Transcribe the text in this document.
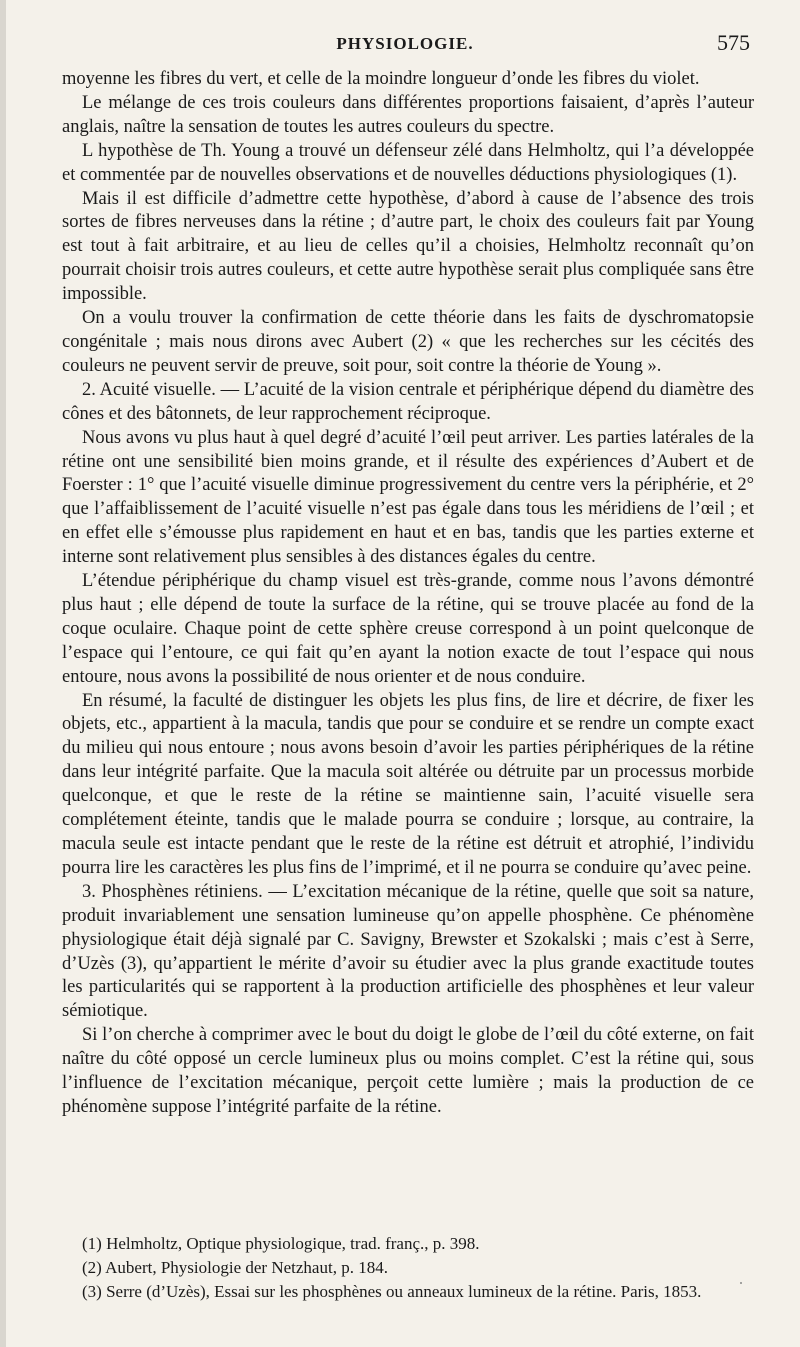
PHYSIOLOGIE.	575

moyenne les fibres du vert, et celle de la moindre longueur d’onde les fibres du violet.

Le mélange de ces trois couleurs dans différentes proportions faisaient, d’après l’auteur anglais, naître la sensation de toutes les autres couleurs du spectre.

L hypothèse de Th. Young a trouvé un défenseur zélé dans Helmholtz, qui l’a développée et commentée par de nouvelles observations et de nouvelles déductions physiologiques (1).

Mais il est difficile d’admettre cette hypothèse, d’abord à cause de l’absence des trois sortes de fibres nerveuses dans la rétine ; d’autre part, le choix des couleurs fait par Young est tout à fait arbitraire, et au lieu de celles qu’il a choisies, Helmholtz reconnaît qu’on pourrait choisir trois autres couleurs, et cette autre hypothèse serait plus compliquée sans être impossible.

On a voulu trouver la confirmation de cette théorie dans les faits de dyschromatopsie congénitale ; mais nous dirons avec Aubert (2) « que les recherches sur les cécités des couleurs ne peuvent servir de preuve, soit pour, soit contre la théorie de Young ».

2. Acuité visuelle. — L’acuité de la vision centrale et périphérique dépend du diamètre des cônes et des bâtonnets, de leur rapprochement réciproque.

Nous avons vu plus haut à quel degré d’acuité l’œil peut arriver. Les parties latérales de la rétine ont une sensibilité bien moins grande, et il résulte des expériences d’Aubert et de Foerster : 1° que l’acuité visuelle diminue progressivement du centre vers la périphérie, et 2° que l’affaiblissement de l’acuité visuelle n’est pas égale dans tous les méridiens de l’œil ; et en effet elle s’émousse plus rapidement en haut et en bas, tandis que les parties externe et interne sont relativement plus sensibles à des distances égales du centre.

L’étendue périphérique du champ visuel est très-grande, comme nous l’avons démontré plus haut ; elle dépend de toute la surface de la rétine, qui se trouve placée au fond de la coque oculaire. Chaque point de cette sphère creuse correspond à un point quelconque de l’espace qui l’entoure, ce qui fait qu’en ayant la notion exacte de tout l’espace qui nous entoure, nous avons la possibilité de nous orienter et de nous conduire.

En résumé, la faculté de distinguer les objets les plus fins, de lire et décrire, de fixer les objets, etc., appartient à la macula, tandis que pour se conduire et se rendre un compte exact du milieu qui nous entoure ; nous avons besoin d’avoir les parties périphériques de la rétine dans leur intégrité parfaite. Que la macula soit altérée ou détruite par un processus morbide quelconque, et que le reste de la rétine se maintienne sain, l’acuité visuelle sera complétement éteinte, tandis que le malade pourra se conduire ; lorsque, au contraire, la macula seule est intacte pendant que le reste de la rétine est détruit et atrophié, l’individu pourra lire les caractères les plus fins de l’imprimé, et il ne pourra se conduire qu’avec peine.

3. Phosphènes rétiniens. — L’excitation mécanique de la rétine, quelle que soit sa nature, produit invariablement une sensation lumineuse qu’on appelle phosphène. Ce phénomène physiologique était déjà signalé par C. Savigny, Brewster et Szokalski ; mais c’est à Serre, d’Uzès (3), qu’appartient le mérite d’avoir su étudier avec la plus grande exactitude toutes les particularités qui se rapportent à la production artificielle des phosphènes et leur valeur sémiotique.

Si l’on cherche à comprimer avec le bout du doigt le globe de l’œil du côté externe, on fait naître du côté opposé un cercle lumineux plus ou moins complet. C’est la rétine qui, sous l’influence de l’excitation mécanique, perçoit cette lumière ; mais la production de ce phénomène suppose l’intégrité parfaite de la rétine.

(1) Helmholtz, Optique physiologique, trad. franç., p. 398.

(2) Aubert, Physiologie der Netzhaut, p. 184.

(3) Serre (d’Uzès), Essai sur les phosphènes ou anneaux lumineux de la rétine. Paris, 1853.
